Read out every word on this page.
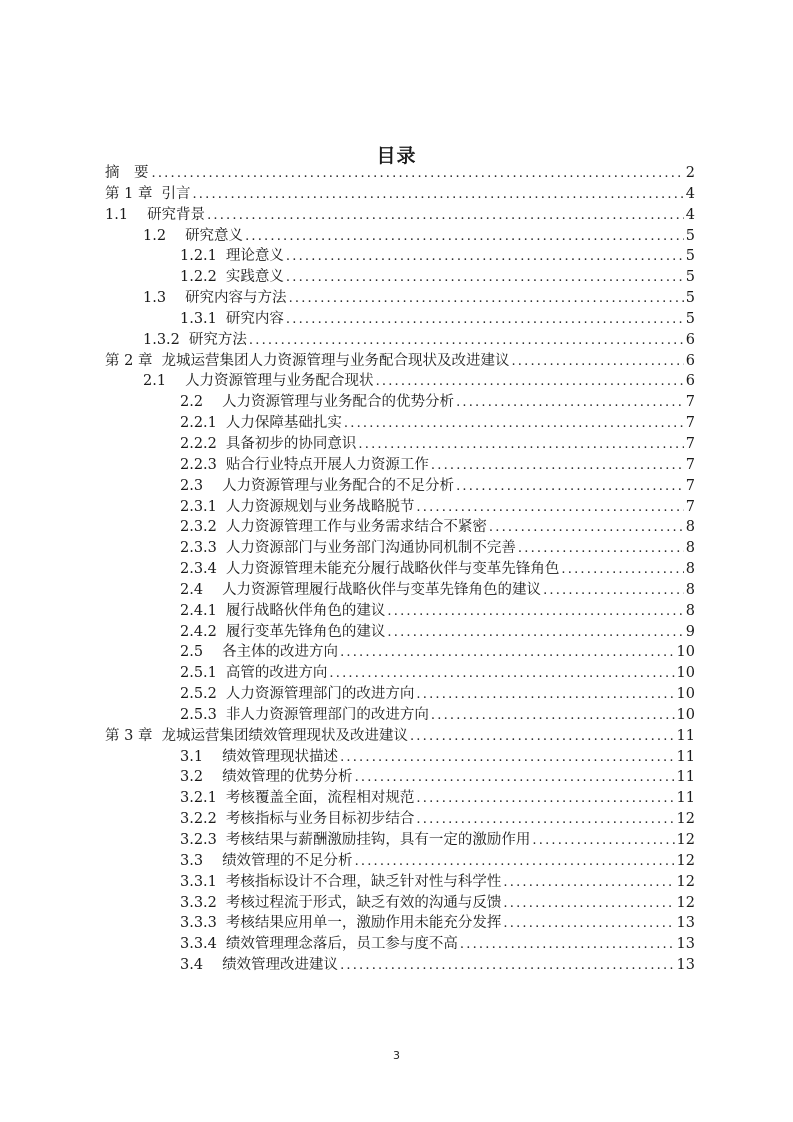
目录
摘　要 .....	2
第 1 章 引言 .....	4
1.1 研究背景 .....	4
1.2 研究意义 .....	5
1.2.1 理论意义 .....	5
1.2.2 实践意义 .....	5
1.3 研究内容与方法 .....	5
1.3.1 研究内容 .....	5
1.3.2 研究方法 .....	6
第 2 章 龙城运营集团人力资源管理与业务配合现状及改进建议 .....	6
2.1 人力资源管理与业务配合现状 .....	6
2.2 人力资源管理与业务配合的优势分析 .....	7
2.2.1 人力保障基础扎实 .....	7
2.2.2 具备初步的协同意识 .....	7
2.2.3 贴合行业特点开展人力资源工作 .....	7
2.3 人力资源管理与业务配合的不足分析 .....	7
2.3.1 人力资源规划与业务战略脱节 .....	7
2.3.2 人力资源管理工作与业务需求结合不紧密 .....	8
2.3.3 人力资源部门与业务部门沟通协同机制不完善 .....	8
2.3.4 人力资源管理未能充分履行战略伙伴与变革先锋角色 .....	8
2.4 人力资源管理履行战略伙伴与变革先锋角色的建议 .....	8
2.4.1 履行战略伙伴角色的建议 .....	8
2.4.2 履行变革先锋角色的建议 .....	9
2.5 各主体的改进方向 .....	10
2.5.1 高管的改进方向 .....	10
2.5.2 人力资源管理部门的改进方向 .....	10
2.5.3 非人力资源管理部门的改进方向 .....	10
第 3 章 龙城运营集团绩效管理现状及改进建议 .....	11
3.1 绩效管理现状描述 .....	11
3.2 绩效管理的优势分析 .....	11
3.2.1 考核覆盖全面，流程相对规范 .....	11
3.2.2 考核指标与业务目标初步结合 .....	12
3.2.3 考核结果与薪酬激励挂钩，具有一定的激励作用 .....	12
3.3 绩效管理的不足分析 .....	12
3.3.1 考核指标设计不合理，缺乏针对性与科学性 .....	12
3.3.2 考核过程流于形式，缺乏有效的沟通与反馈 .....	12
3.3.3 考核结果应用单一，激励作用未能充分发挥 .....	13
3.3.4 绩效管理理念落后，员工参与度不高 .....	13
3.4 绩效管理改进建议 .....	13
3
